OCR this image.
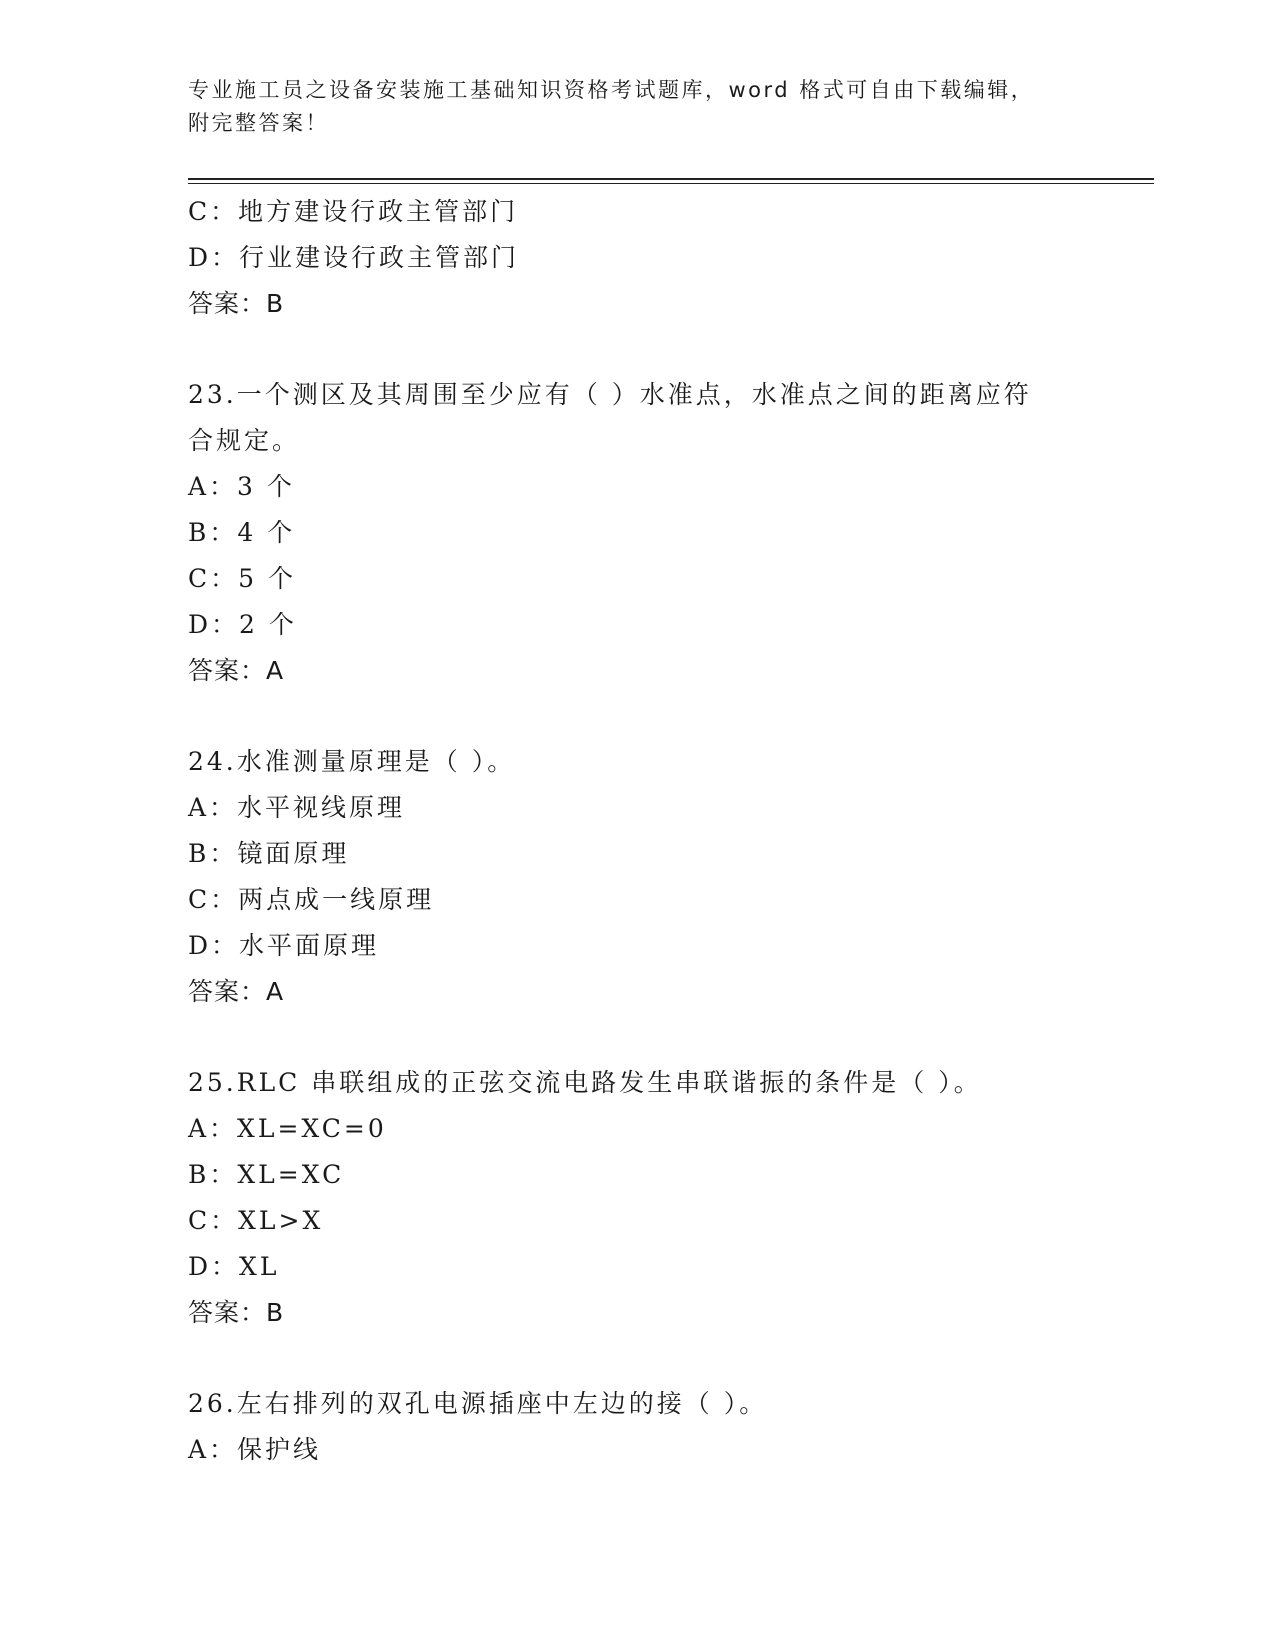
专业施工员之设备安装施工基础知识资格考试题库，word 格式可自由下载编辑，
附完整答案！
C：地方建设行政主管部门
D：行业建设行政主管部门
答案：B
23.一个测区及其周围至少应有（ ）水准点，水准点之间的距离应符
合规定。
A：3 个
B：4 个
C：5 个
D：2 个
答案：A
24.水准测量原理是（ ）。
A：水平视线原理
B：镜面原理
C：两点成一线原理
D：水平面原理
答案：A
25.RLC 串联组成的正弦交流电路发生串联谐振的条件是（ ）。
A：XL=XC=0
B：XL=XC
C：XL>X
D：XL
答案：B
26.左右排列的双孔电源插座中左边的接（ ）。
A：保护线
